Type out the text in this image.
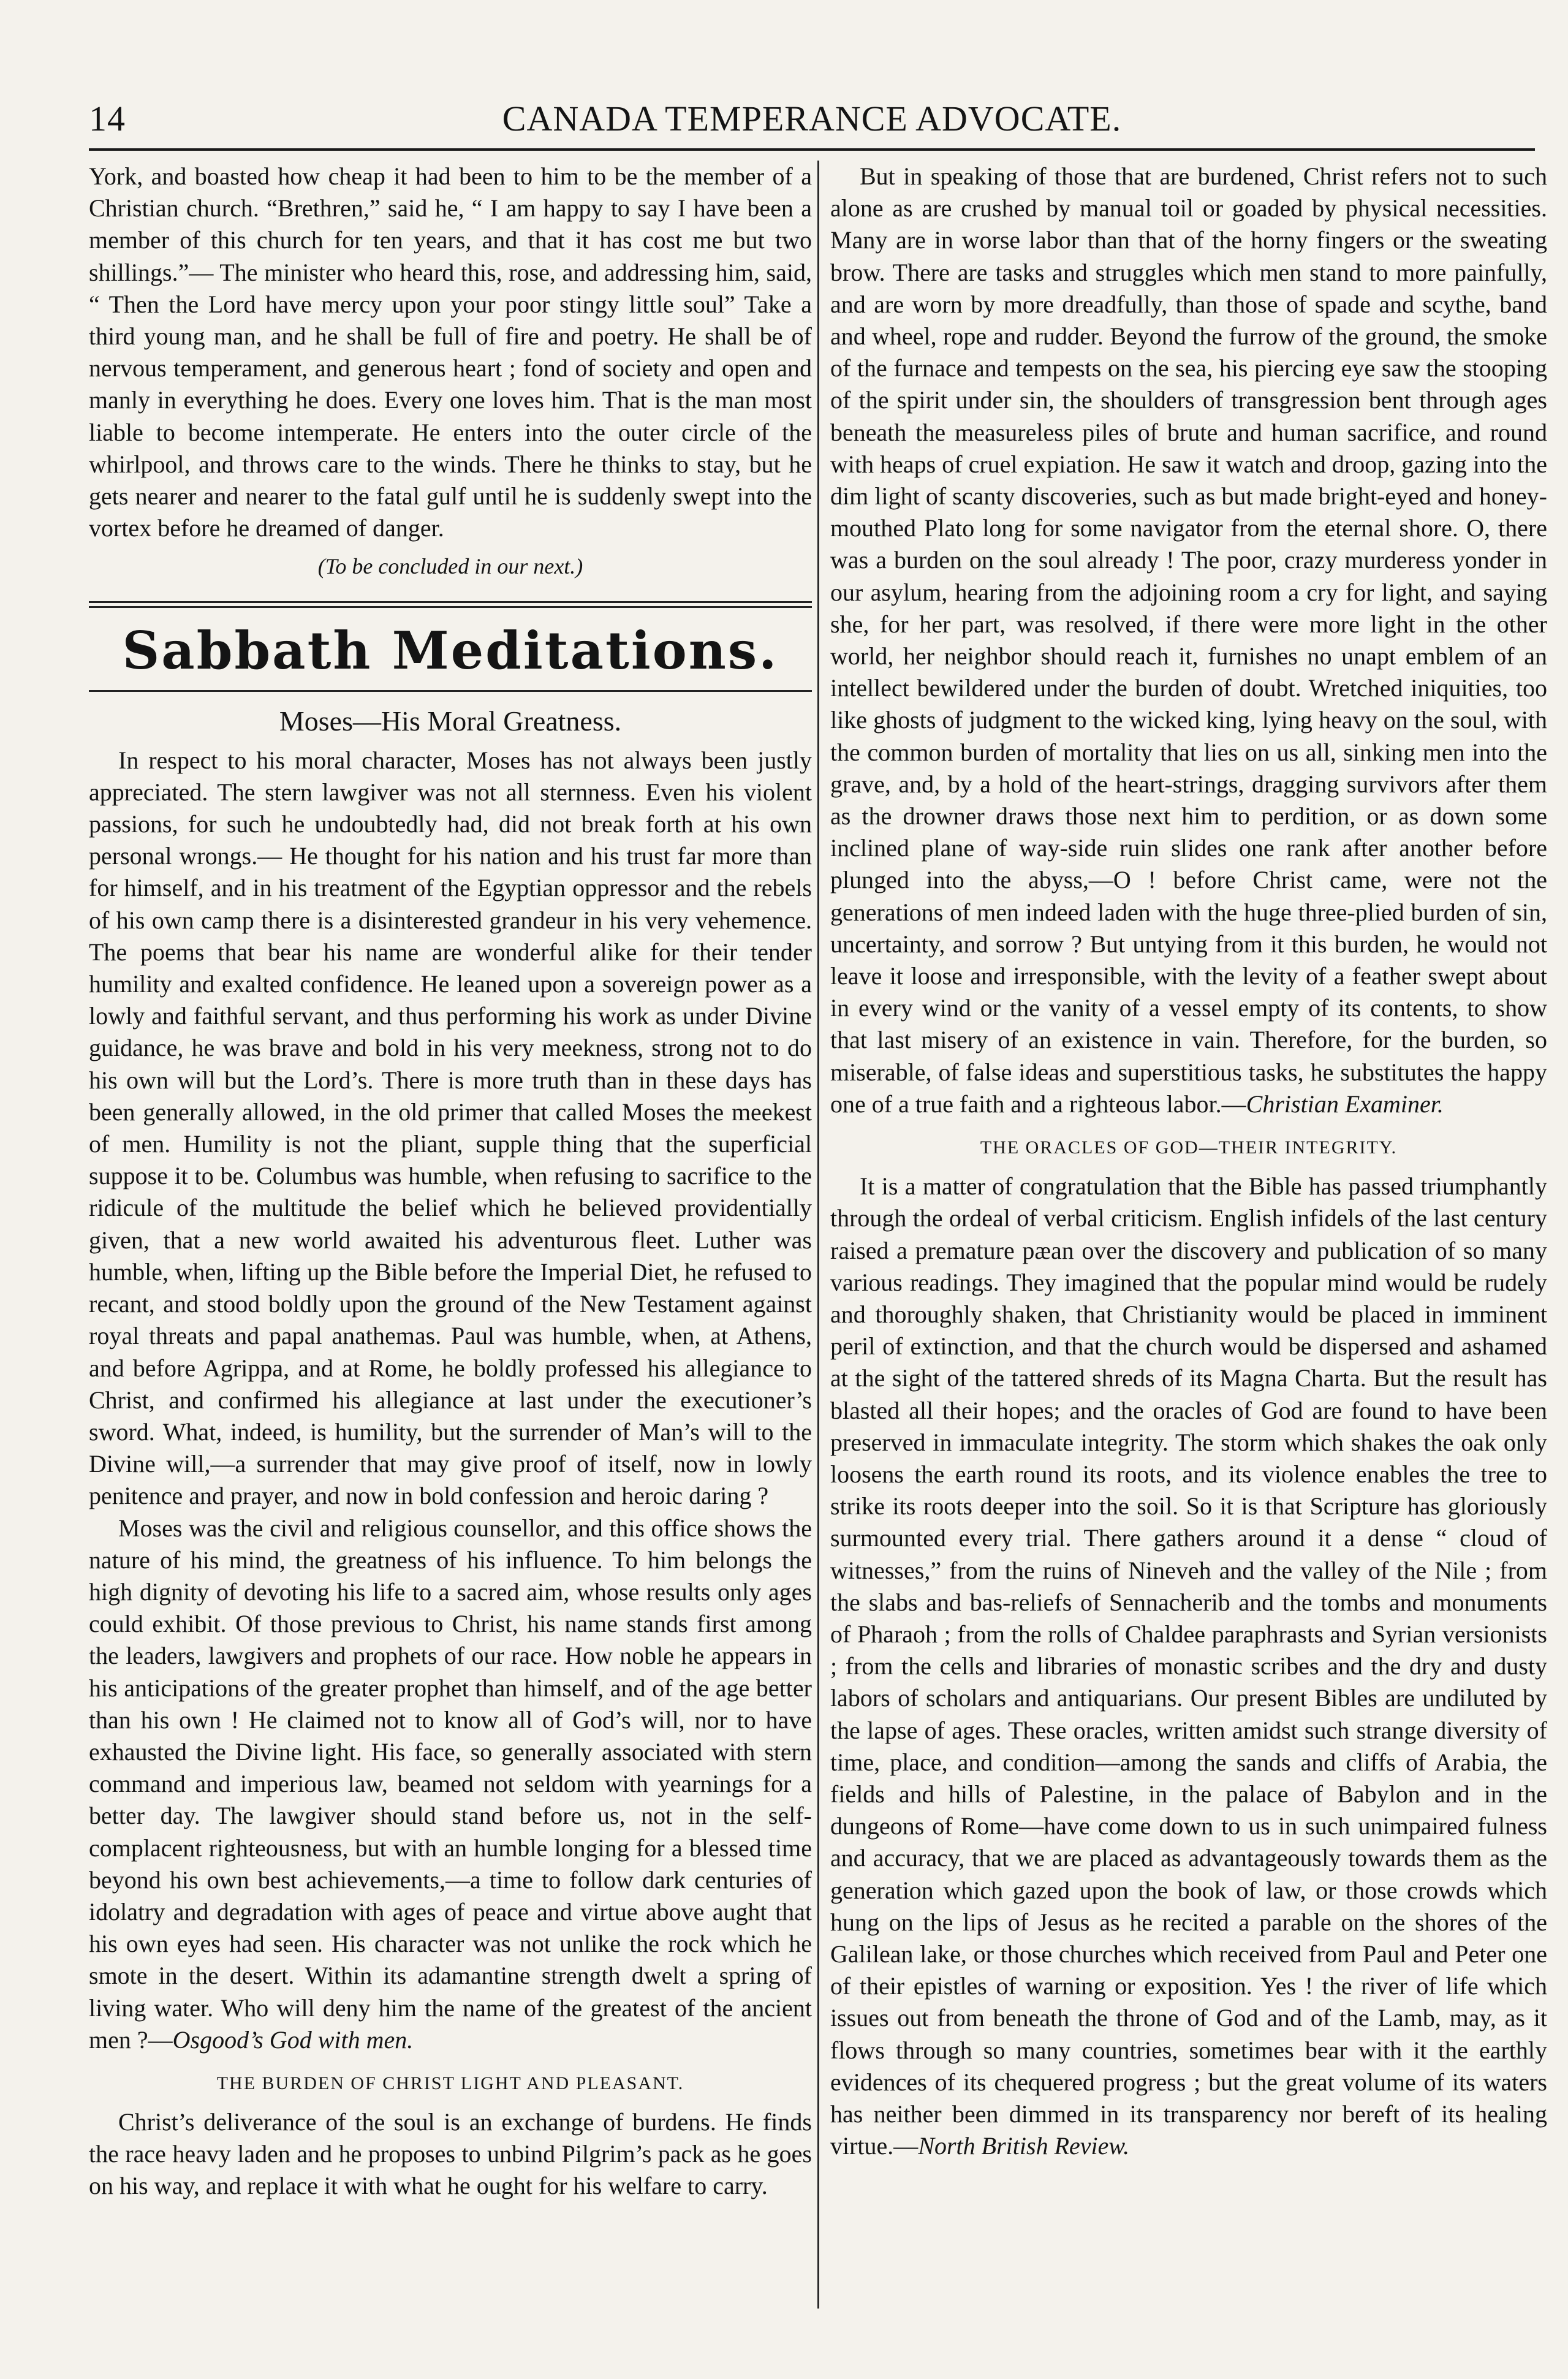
14	CANADA TEMPERANCE ADVOCATE.

York, and boasted how cheap it had been to him to be the member of a Christian church. “Brethren,” said he, “ I am happy to say I have been a member of this church for ten years, and that it has cost me but two shillings.”— The minister who heard this, rose, and addressing him, said, “ Then the Lord have mercy upon your poor stingy little soul” Take a third young man, and he shall be full of fire and poetry. He shall be of nervous temperament, and generous heart ; fond of society and open and manly in everything he does. Every one loves him. That is the man most liable to become intemperate. He enters into the outer circle of the whirlpool, and throws care to the winds. There he thinks to stay, but he gets nearer and nearer to the fatal gulf until he is suddenly swept into the vortex before he dreamed of danger.

(To be concluded in our next.)
Sabbath Meditations.
Moses—His Moral Greatness.

In respect to his moral character, Moses has not always been justly appreciated. The stern lawgiver was not all sternness. Even his violent passions, for such he undoubtedly had, did not break forth at his own personal wrongs.— He thought for his nation and his trust far more than for himself, and in his treatment of the Egyptian oppressor and the rebels of his own camp there is a disinterested grandeur in his very vehemence. The poems that bear his name are wonderful alike for their tender humility and exalted confidence. He leaned upon a sovereign power as a lowly and faithful servant, and thus performing his work as under Divine guidance, he was brave and bold in his very meekness, strong not to do his own will but the Lord’s. There is more truth than in these days has been generally allowed, in the old primer that called Moses the meekest of men. Humility is not the pliant, supple thing that the superficial suppose it to be. Columbus was humble, when refusing to sacrifice to the ridicule of the multitude the belief which he believed providentially given, that a new world awaited his adventurous fleet. Luther was humble, when, lifting up the Bible before the Imperial Diet, he refused to recant, and stood boldly upon the ground of the New Testament against royal threats and papal anathemas. Paul was humble, when, at Athens, and before Agrippa, and at Rome, he boldly professed his allegiance to Christ, and confirmed his allegiance at last under the executioner’s sword. What, indeed, is humility, but the surrender of Man’s will to the Divine will,—a surrender that may give proof of itself, now in lowly penitence and prayer, and now in bold confession and heroic daring ?

Moses was the civil and religious counsellor, and this office shows the nature of his mind, the greatness of his influence. To him belongs the high dignity of devoting his life to a sacred aim, whose results only ages could exhibit. Of those previous to Christ, his name stands first among the leaders, lawgivers and prophets of our race. How noble he appears in his anticipations of the greater prophet than himself, and of the age better than his own ! He claimed not to know all of God’s will, nor to have exhausted the Divine light. His face, so generally associated with stern command and imperious law, beamed not seldom with yearnings for a better day. The lawgiver should stand before us, not in the self-complacent righteousness, but with an humble longing for a blessed time beyond his own best achievements,—a time to follow dark centuries of idolatry and degradation with ages of peace and virtue above aught that his own eyes had seen. His character was not unlike the rock which he smote in the desert. Within its adamantine strength dwelt a spring of living water. Who will deny him the name of the greatest of the ancient men ?—Osgood’s God with men.

THE BURDEN OF CHRIST LIGHT AND PLEASANT.

Christ’s deliverance of the soul is an exchange of burdens. He finds the race heavy laden and he proposes to unbind Pilgrim’s pack as he goes on his way, and replace it with what he ought for his welfare to carry.

But in speaking of those that are burdened, Christ refers not to such alone as are crushed by manual toil or goaded by physical necessities. Many are in worse labor than that of the horny fingers or the sweating brow. There are tasks and struggles which men stand to more painfully, and are worn by more dreadfully, than those of spade and scythe, band and wheel, rope and rudder. Beyond the furrow of the ground, the smoke of the furnace and tempests on the sea, his piercing eye saw the stooping of the spirit under sin, the shoulders of transgression bent through ages beneath the measureless piles of brute and human sacrifice, and round with heaps of cruel expiation. He saw it watch and droop, gazing into the dim light of scanty discoveries, such as but made bright-eyed and honey-mouthed Plato long for some navigator from the eternal shore. O, there was a burden on the soul already ! The poor, crazy murderess yonder in our asylum, hearing from the adjoining room a cry for light, and saying she, for her part, was resolved, if there were more light in the other world, her neighbor should reach it, furnishes no unapt emblem of an intellect bewildered under the burden of doubt. Wretched iniquities, too like ghosts of judgment to the wicked king, lying heavy on the soul, with the common burden of mortality that lies on us all, sinking men into the grave, and, by a hold of the heart-strings, dragging survivors after them as the drowner draws those next him to perdition, or as down some inclined plane of way-side ruin slides one rank after another before plunged into the abyss,—O ! before Christ came, were not the generations of men indeed laden with the huge three-plied burden of sin, uncertainty, and sorrow ? But untying from it this burden, he would not leave it loose and irresponsible, with the levity of a feather swept about in every wind or the vanity of a vessel empty of its contents, to show that last misery of an existence in vain. Therefore, for the burden, so miserable, of false ideas and superstitious tasks, he substitutes the happy one of a true faith and a righteous labor.—Christian Examiner.

THE ORACLES OF GOD—THEIR INTEGRITY.

It is a matter of congratulation that the Bible has passed triumphantly through the ordeal of verbal criticism. English infidels of the last century raised a premature pæan over the discovery and publication of so many various readings. They imagined that the popular mind would be rudely and thoroughly shaken, that Christianity would be placed in imminent peril of extinction, and that the church would be dispersed and ashamed at the sight of the tattered shreds of its Magna Charta. But the result has blasted all their hopes; and the oracles of God are found to have been preserved in immaculate integrity. The storm which shakes the oak only loosens the earth round its roots, and its violence enables the tree to strike its roots deeper into the soil. So it is that Scripture has gloriously surmounted every trial. There gathers around it a dense “ cloud of witnesses,” from the ruins of Nineveh and the valley of the Nile ; from the slabs and bas-reliefs of Sennacherib and the tombs and monuments of Pharaoh ; from the rolls of Chaldee paraphrasts and Syrian versionists ; from the cells and libraries of monastic scribes and the dry and dusty labors of scholars and antiquarians. Our present Bibles are undiluted by the lapse of ages. These oracles, written amidst such strange diversity of time, place, and condition—among the sands and cliffs of Arabia, the fields and hills of Palestine, in the palace of Babylon and in the dungeons of Rome—have come down to us in such unimpaired fulness and accuracy, that we are placed as advantageously towards them as the generation which gazed upon the book of law, or those crowds which hung on the lips of Jesus as he recited a parable on the shores of the Galilean lake, or those churches which received from Paul and Peter one of their epistles of warning or exposition. Yes ! the river of life which issues out from beneath the throne of God and of the Lamb, may, as it flows through so many countries, sometimes bear with it the earthly evidences of its chequered progress ; but the great volume of its waters has neither been dimmed in its transparency nor bereft of its healing virtue.—North British Review.
